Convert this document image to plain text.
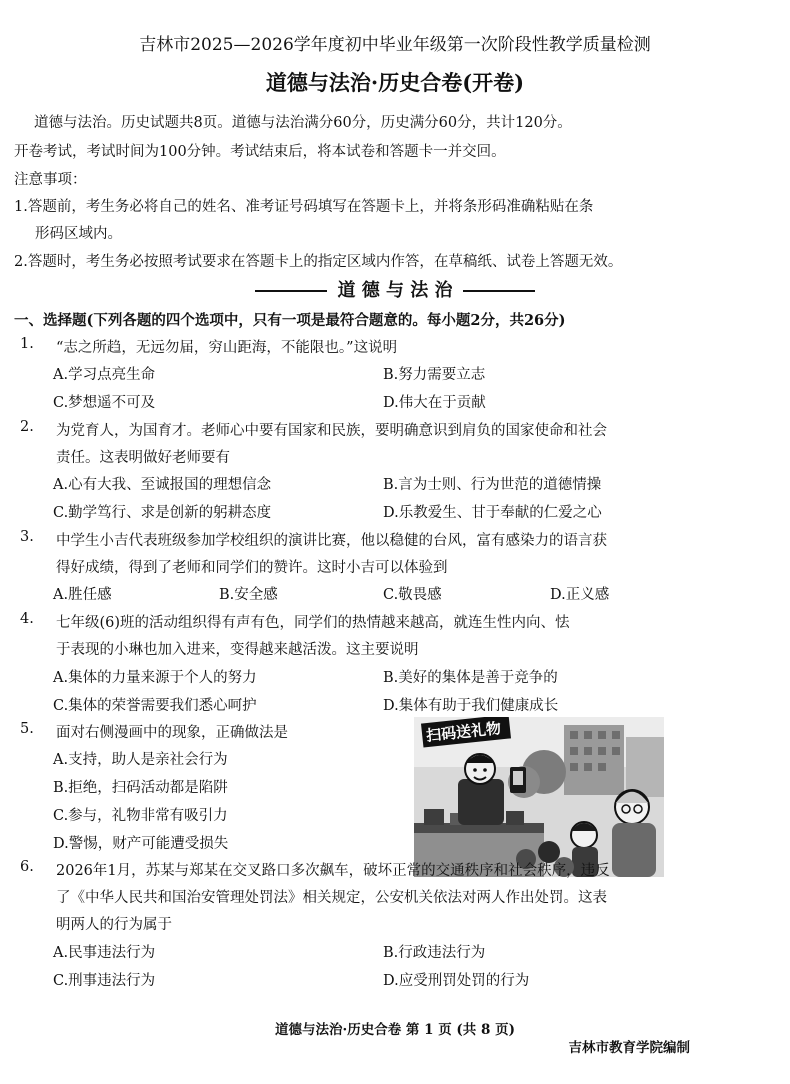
吉林市2025—2026学年度初中毕业年级第一次阶段性教学质量检测
道德与法治·历史合卷(开卷)
道德与法治。历史试题共8页。道德与法治满分60分，历史满分60分，共计120分。
开卷考试，考试时间为100分钟。考试结束后，将本试卷和答题卡一并交回。
注意事项：
1.答题前，考生务必将自己的姓名、准考证号码填写在答题卡上，并将条形码准确粘贴在条
形码区域内。
2.答题时，考生务必按照考试要求在答题卡上的指定区域内作答，在草稿纸、试卷上答题无效。
道 德 与 法 治
一、选择题(下列各题的四个选项中，只有一项是最符合题意的。每小题2分，共26分)
1. “志之所趋，无远勿届，穷山距海，不能限也。”这说明
A.学习点亮生命	B.努力需要立志
C.梦想遥不可及	D.伟大在于贡献
2. 为党育人，为国育才。老师心中要有国家和民族，要明确意识到肩负的国家使命和社会
责任。这表明做好老师要有
A.心有大我、至诚报国的理想信念	B.言为士则、行为世范的道德情操
C.勤学笃行、求是创新的躬耕态度	D.乐教爱生、甘于奉献的仁爱之心
3. 中学生小吉代表班级参加学校组织的演讲比赛，他以稳健的台风，富有感染力的语言获
得好成绩，得到了老师和同学们的赞许。这时小吉可以体验到
A.胜任感	B.安全感	C.敬畏感	D.正义感
4. 七年级(6)班的活动组织得有声有色，同学们的热情越来越高，就连生性内向、怯
于表现的小琳也加入进来，变得越来越活泼。这主要说明
A.集体的力量来源于个人的努力	B.美好的集体是善于竞争的
C.集体的荣誉需要我们悉心呵护	D.集体有助于我们健康成长
5. 面对右侧漫画中的现象，正确做法是
A.支持，助人是亲社会行为
B.拒绝，扫码活动都是陷阱
C.参与，礼物非常有吸引力
D.警惕，财产可能遭受损失
扫码送礼物
6. 2026年1月，苏某与郑某在交叉路口多次飙车，破坏正常的交通秩序和社会秩序，违反
了《中华人民共和国治安管理处罚法》相关规定，公安机关依法对两人作出处罚。这表
明两人的行为属于
A.民事违法行为	B.行政违法行为
C.刑事违法行为	D.应受刑罚处罚的行为
道德与法治·历史合卷 第 1 页 (共 8 页)
吉林市教育学院编制
